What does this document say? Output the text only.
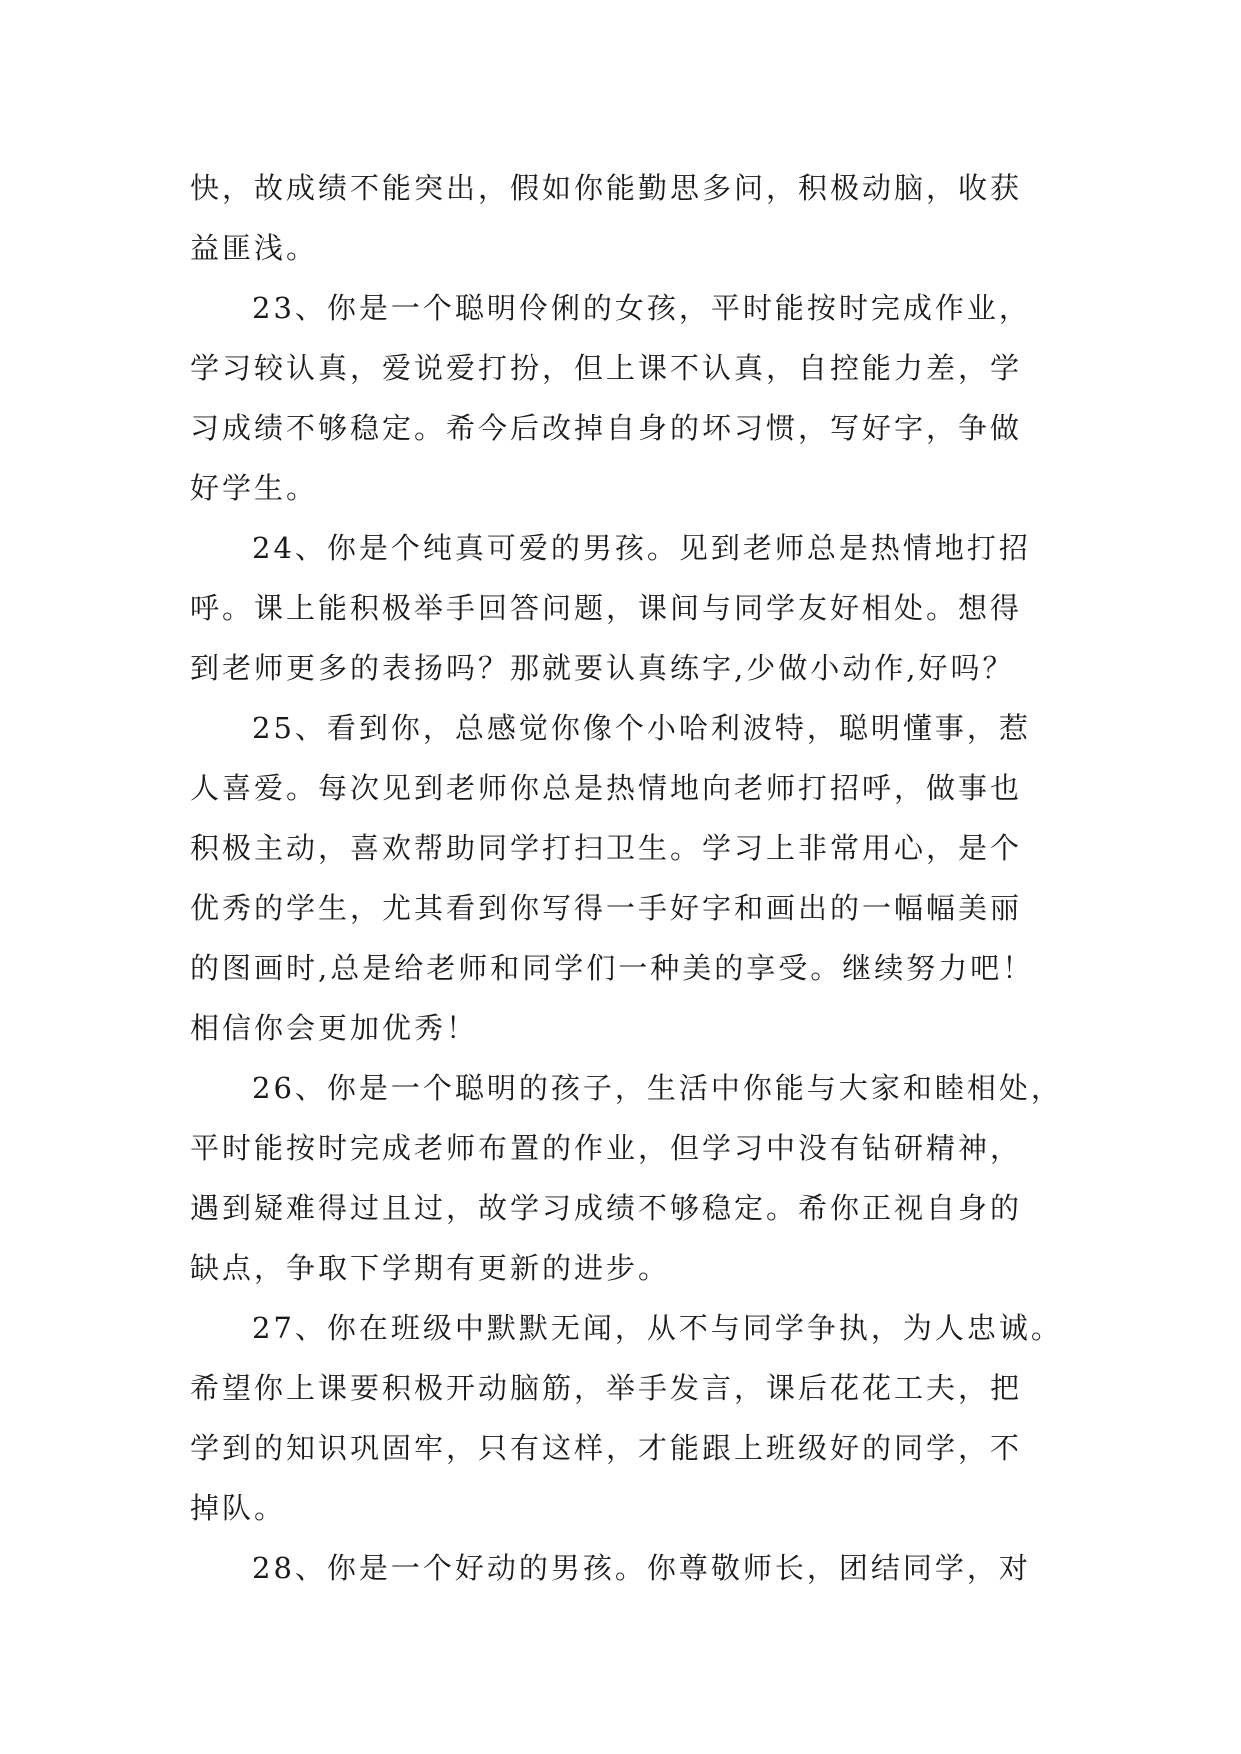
快，故成绩不能突出，假如你能勤思多问，积极动脑，收获
益匪浅。
23、你是一个聪明伶俐的女孩，平时能按时完成作业，
学习较认真，爱说爱打扮，但上课不认真，自控能力差，学
习成绩不够稳定。希今后改掉自身的坏习惯，写好字，争做
好学生。
24、你是个纯真可爱的男孩。见到老师总是热情地打招
呼。课上能积极举手回答问题，课间与同学友好相处。想得
到老师更多的表扬吗？那就要认真练字,少做小动作,好吗？
25、看到你，总感觉你像个小哈利波特，聪明懂事，惹
人喜爱。每次见到老师你总是热情地向老师打招呼，做事也
积极主动，喜欢帮助同学打扫卫生。学习上非常用心，是个
优秀的学生，尤其看到你写得一手好字和画出的一幅幅美丽
的图画时,总是给老师和同学们一种美的享受。继续努力吧！
相信你会更加优秀！
26、你是一个聪明的孩子，生活中你能与大家和睦相处，
平时能按时完成老师布置的作业，但学习中没有钻研精神，
遇到疑难得过且过，故学习成绩不够稳定。希你正视自身的
缺点，争取下学期有更新的进步。
27、你在班级中默默无闻，从不与同学争执，为人忠诚。
希望你上课要积极开动脑筋，举手发言，课后花花工夫，把
学到的知识巩固牢，只有这样，才能跟上班级好的同学，不
掉队。
28、你是一个好动的男孩。你尊敬师长，团结同学，对
